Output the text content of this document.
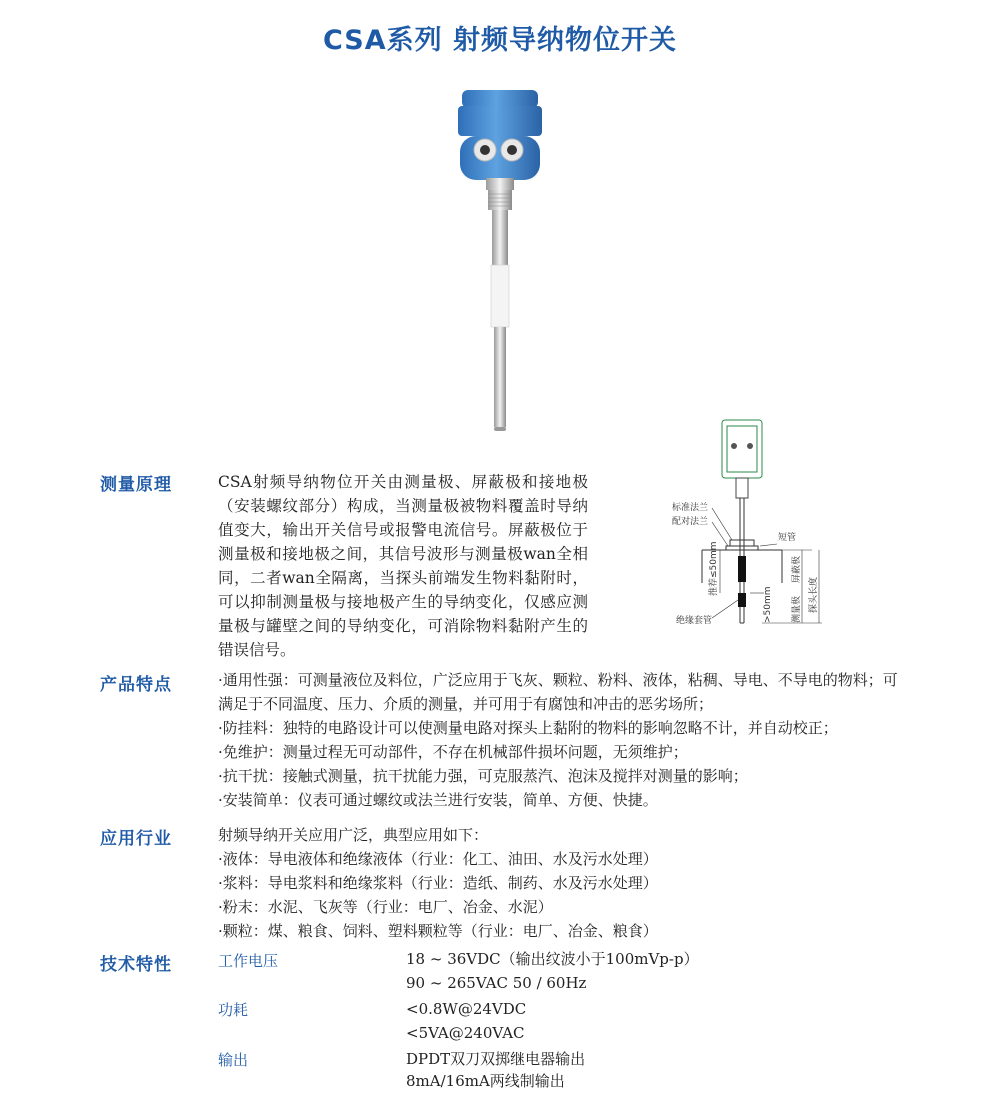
CSA系列 射频导纳物位开关
测量原理	CSA射频导纳物位开关由测量极、屏蔽极和接地极（安装螺纹部分）构成，当测量极被物料覆盖时导纳值变大，输出开关信号或报警电流信号。屏蔽极位于测量极和接地极之间，其信号波形与测量极wan全相同，二者wan全隔离，当探头前端发生物料黏附时，可以抑制测量极与接地极产生的导纳变化，仅感应测量极与罐壁之间的导纳变化，可消除物料黏附产生的错误信号。
标准法兰
配对法兰
短管
绝缘套管
推荐≤50mm
>50mm
屏蔽极
测量极 探头长度
产品特点	·通用性强：可测量液位及料位，广泛应用于飞灰、颗粒、粉料、液体，粘稠、导电、不导电的物料；可满足于不同温度、压力、介质的测量，并可用于有腐蚀和冲击的恶劣场所；
·防挂料：独特的电路设计可以使测量电路对探头上黏附的物料的影响忽略不计，并自动校正；
·免维护：测量过程无可动部件，不存在机械部件损坏问题，无须维护；
·抗干扰：接触式测量，抗干扰能力强，可克服蒸汽、泡沫及搅拌对测量的影响；
·安装简单：仪表可通过螺纹或法兰进行安装，简单、方便、快捷。
应用行业	射频导纳开关应用广泛，典型应用如下：
·液体：导电液体和绝缘液体（行业：化工、油田、水及污水处理）
·浆料：导电浆料和绝缘浆料（行业：造纸、制药、水及污水处理）
·粉末：水泥、飞灰等（行业：电厂、冶金、水泥）
·颗粒：煤、粮食、饲料、塑料颗粒等（行业：电厂、冶金、粮食）
技术特性	工作电压	18 ~ 36VDC（输出纹波小于100mVp-p）
90 ~ 265VAC 50 / 60Hz
功耗	<0.8W@24VDC
<5VA@240VAC
输出	DPDT双刀双掷继电器输出
8mA/16mA两线制输出
